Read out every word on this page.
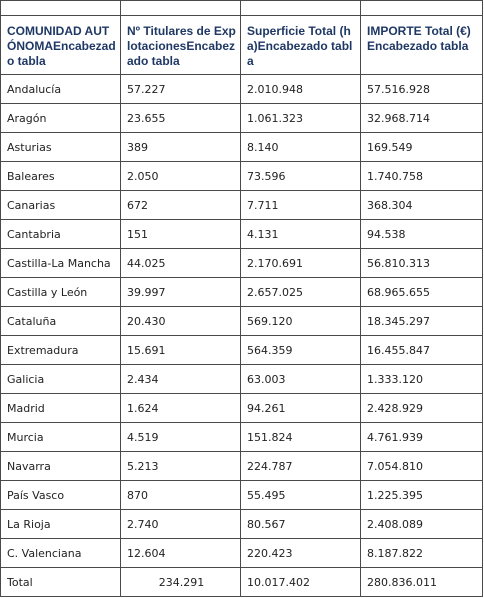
COMUNIDAD AUTÓNOMAEncabezado tabla	Nº Titulares de ExplotacionesEncabezado tabla	Superficie Total (ha)Encabezado tabla	IMPORTE Total (€)Encabezado tabla
Andalucía	57.227	2.010.948	57.516.928
Aragón	23.655	1.061.323	32.968.714
Asturias	389	8.140	169.549
Baleares	2.050	73.596	1.740.758
Canarias	672	7.711	368.304
Cantabria	151	4.131	94.538
Castilla-La Mancha	44.025	2.170.691	56.810.313
Castilla y León	39.997	2.657.025	68.965.655
Cataluña	20.430	569.120	18.345.297
Extremadura	15.691	564.359	16.455.847
Galicia	2.434	63.003	1.333.120
Madrid	1.624	94.261	2.428.929
Murcia	4.519	151.824	4.761.939
Navarra	5.213	224.787	7.054.810
País Vasco	870	55.495	1.225.395
La Rioja	2.740	80.567	2.408.089
C. Valenciana	12.604	220.423	8.187.822
Total	234.291	10.017.402	280.836.011
